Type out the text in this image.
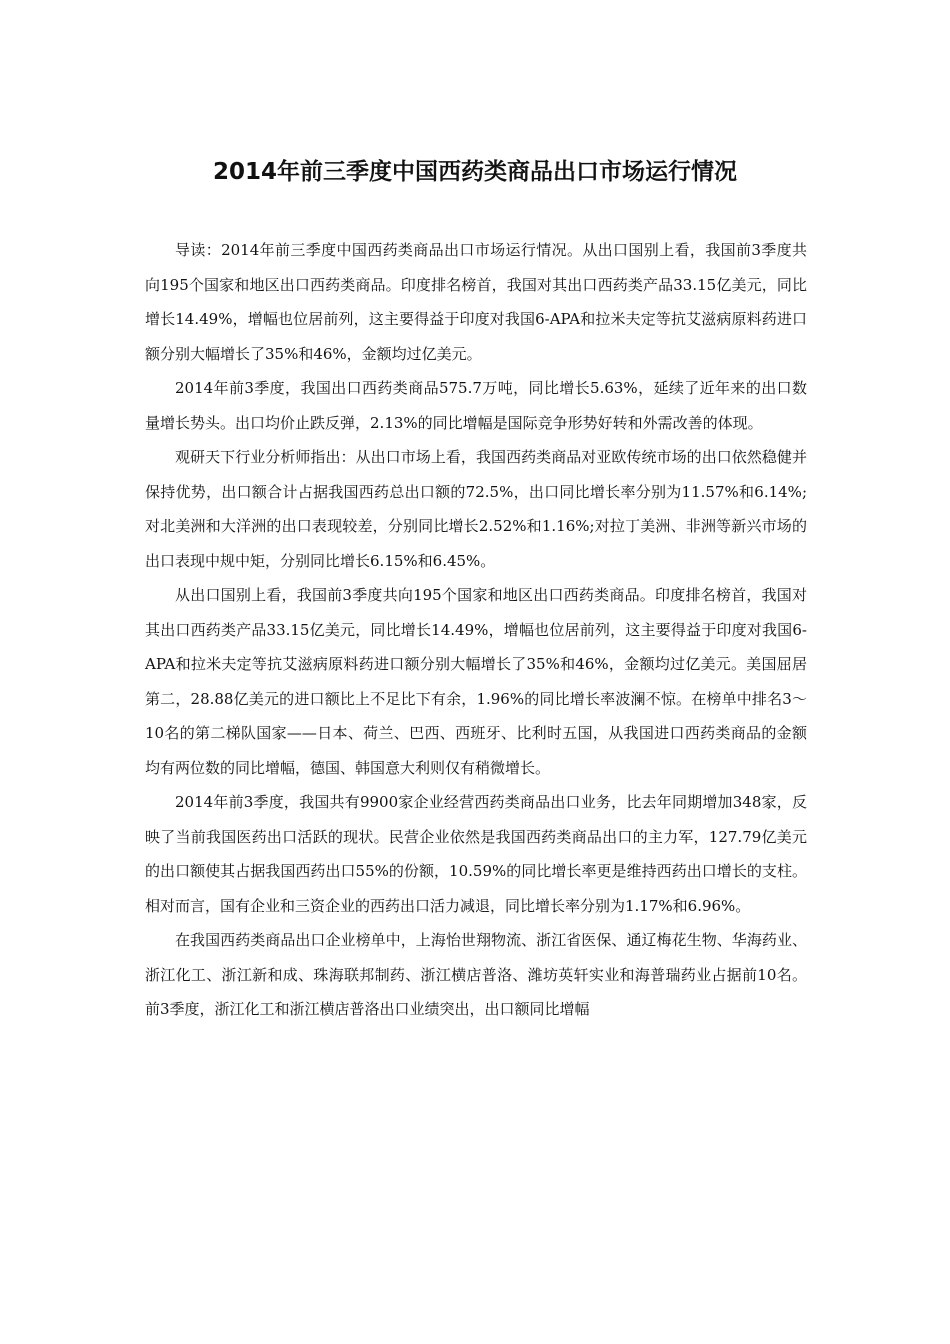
2014年前三季度中国西药类商品出口市场运行情况

导读：2014年前三季度中国西药类商品出口市场运行情况。从出口国别上看，我国前3季度共向195个国家和地区出口西药类商品。印度排名榜首，我国对其出口西药类产品33.15亿美元，同比增长14.49%，增幅也位居前列，这主要得益于印度对我国6-APA和拉米夫定等抗艾滋病原料药进口额分别大幅增长了35%和46%，金额均过亿美元。

2014年前3季度，我国出口西药类商品575.7万吨，同比增长5.63%，延续了近年来的出口数量增长势头。出口均价止跌反弹，2.13%的同比增幅是国际竞争形势好转和外需改善的体现。

观研天下行业分析师指出：从出口市场上看，我国西药类商品对亚欧传统市场的出口依然稳健并保持优势，出口额合计占据我国西药总出口额的72.5%，出口同比增长率分别为11.57%和6.14%;对北美洲和大洋洲的出口表现较差，分别同比增长2.52%和1.16%;对拉丁美洲、非洲等新兴市场的出口表现中规中矩，分别同比增长6.15%和6.45%。

从出口国别上看，我国前3季度共向195个国家和地区出口西药类商品。印度排名榜首，我国对其出口西药类产品33.15亿美元，同比增长14.49%，增幅也位居前列，这主要得益于印度对我国6-APA和拉米夫定等抗艾滋病原料药进口额分别大幅增长了35%和46%，金额均过亿美元。美国屈居第二，28.88亿美元的进口额比上不足比下有余，1.96%的同比增长率波澜不惊。在榜单中排名3～10名的第二梯队国家——日本、荷兰、巴西、西班牙、比利时五国，从我国进口西药类商品的金额均有两位数的同比增幅，德国、韩国意大利则仅有稍微增长。

2014年前3季度，我国共有9900家企业经营西药类商品出口业务，比去年同期增加348家，反映了当前我国医药出口活跃的现状。民营企业依然是我国西药类商品出口的主力军，127.79亿美元的出口额使其占据我国西药出口55%的份额，10.59%的同比增长率更是维持西药出口增长的支柱。相对而言，国有企业和三资企业的西药出口活力减退，同比增长率分别为1.17%和6.96%。

在我国西药类商品出口企业榜单中，上海怡世翔物流、浙江省医保、通辽梅花生物、华海药业、浙江化工、浙江新和成、珠海联邦制药、浙江横店普洛、潍坊英轩实业和海普瑞药业占据前10名。前3季度，浙江化工和浙江横店普洛出口业绩突出，出口额同比增幅
